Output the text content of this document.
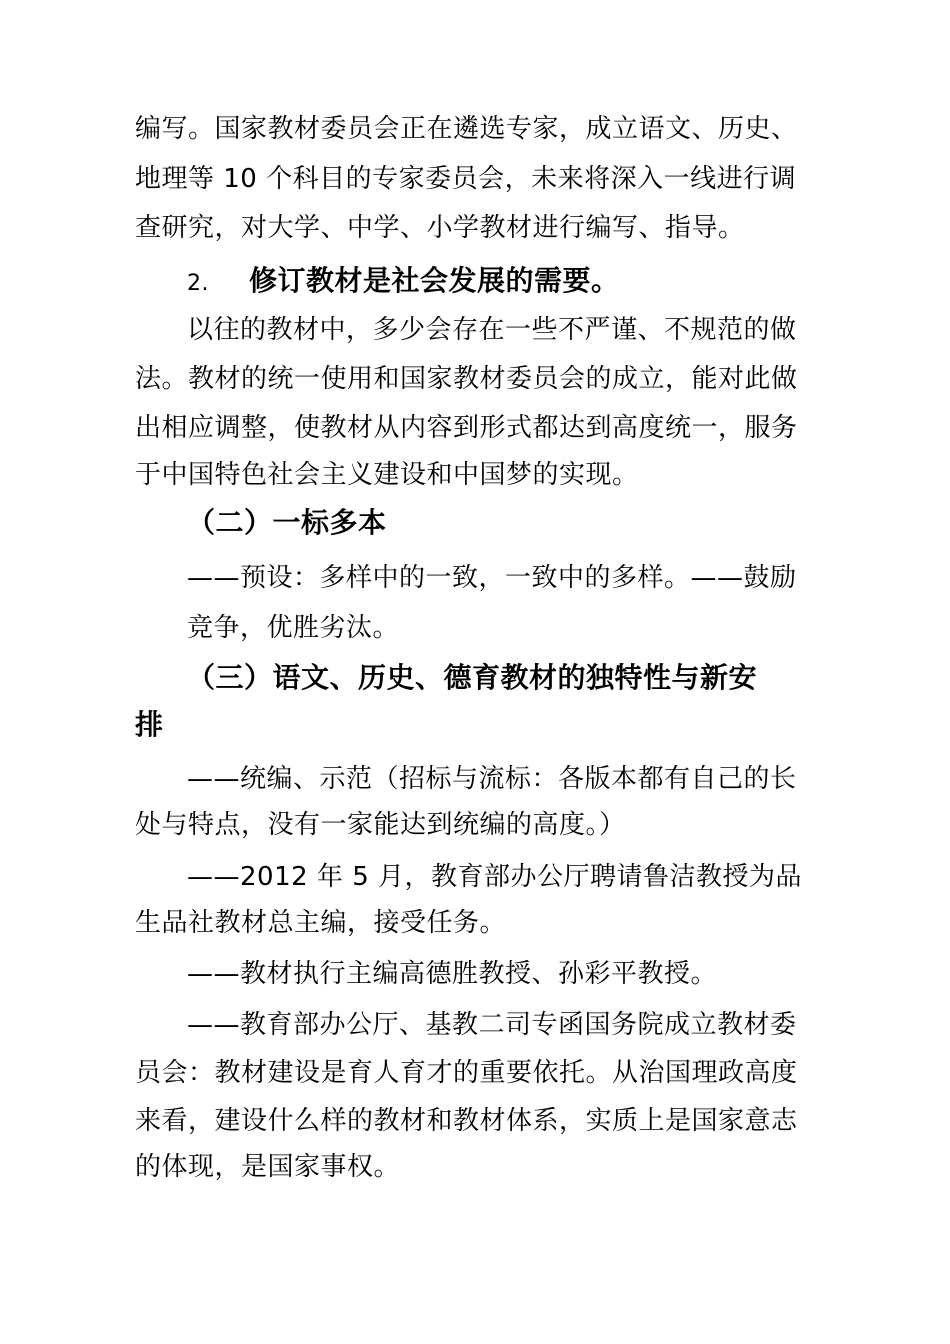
编写。国家教材委员会正在遴选专家，成立语文、历史、
地理等 10 个科目的专家委员会，未来将深入一线进行调
查研究，对大学、中学、小学教材进行编写、指导。
2. 修订教材是社会发展的需要。
以往的教材中，多少会存在一些不严谨、不规范的做
法。教材的统一使用和国家教材委员会的成立，能对此做
出相应调整，使教材从内容到形式都达到高度统一，服务
于中国特色社会主义建设和中国梦的实现。
（二）一标多本
——预设：多样中的一致，一致中的多样。——鼓励
竞争，优胜劣汰。
（三）语文、历史、德育教材的独特性与新安
排
——统编、示范（招标与流标：各版本都有自己的长
处与特点，没有一家能达到统编的高度。）
——2012 年 5 月，教育部办公厅聘请鲁洁教授为品
生品社教材总主编，接受任务。
——教材执行主编高德胜教授、孙彩平教授。
——教育部办公厅、基教二司专函国务院成立教材委
员会：教材建设是育人育才的重要依托。从治国理政高度
来看，建设什么样的教材和教材体系，实质上是国家意志
的体现，是国家事权。
